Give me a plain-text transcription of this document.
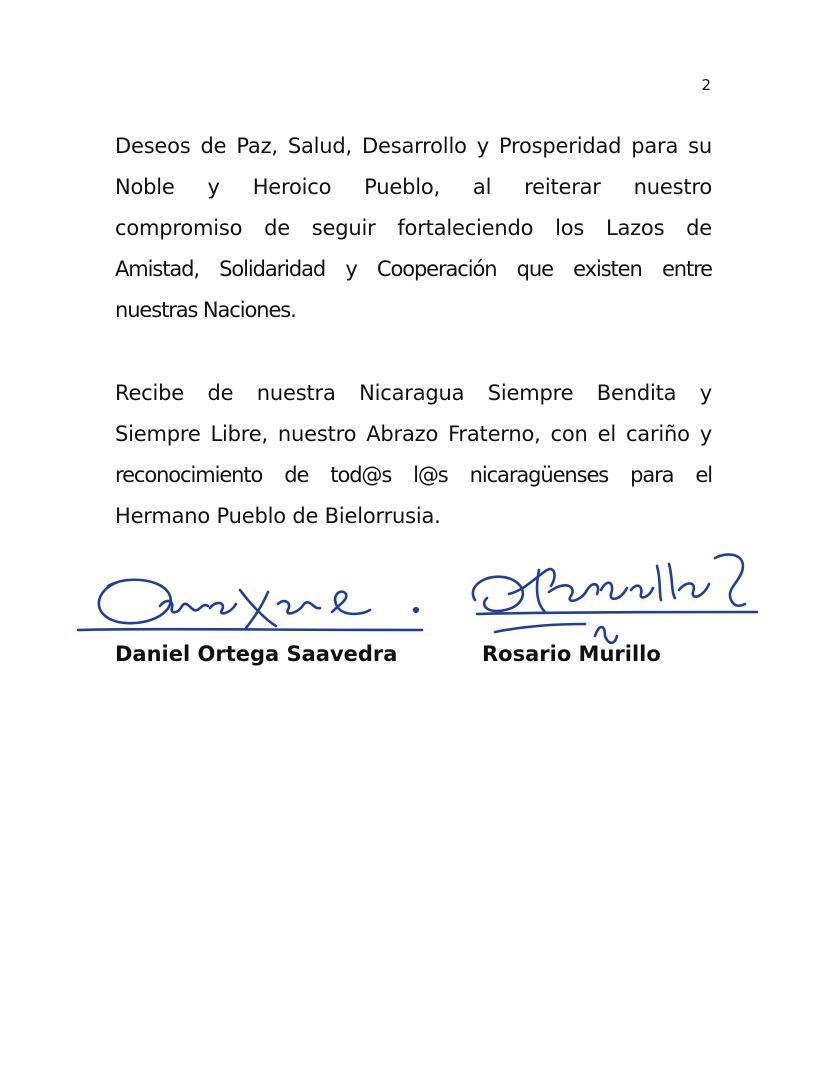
2

Deseos de Paz, Salud, Desarrollo y Prosperidad para su
Noble y Heroico Pueblo, al reiterar nuestro
compromiso de seguir fortaleciendo los Lazos de
Amistad, Solidaridad y Cooperación que existen entre
nuestras Naciones.

Recibe de nuestra Nicaragua Siempre Bendita y
Siempre Libre, nuestro Abrazo Fraterno, con el cariño y
reconocimiento de tod@s l@s nicaragüenses para el
Hermano Pueblo de Bielorrusia.

Daniel Ortega Saavedra	Rosario Murillo
